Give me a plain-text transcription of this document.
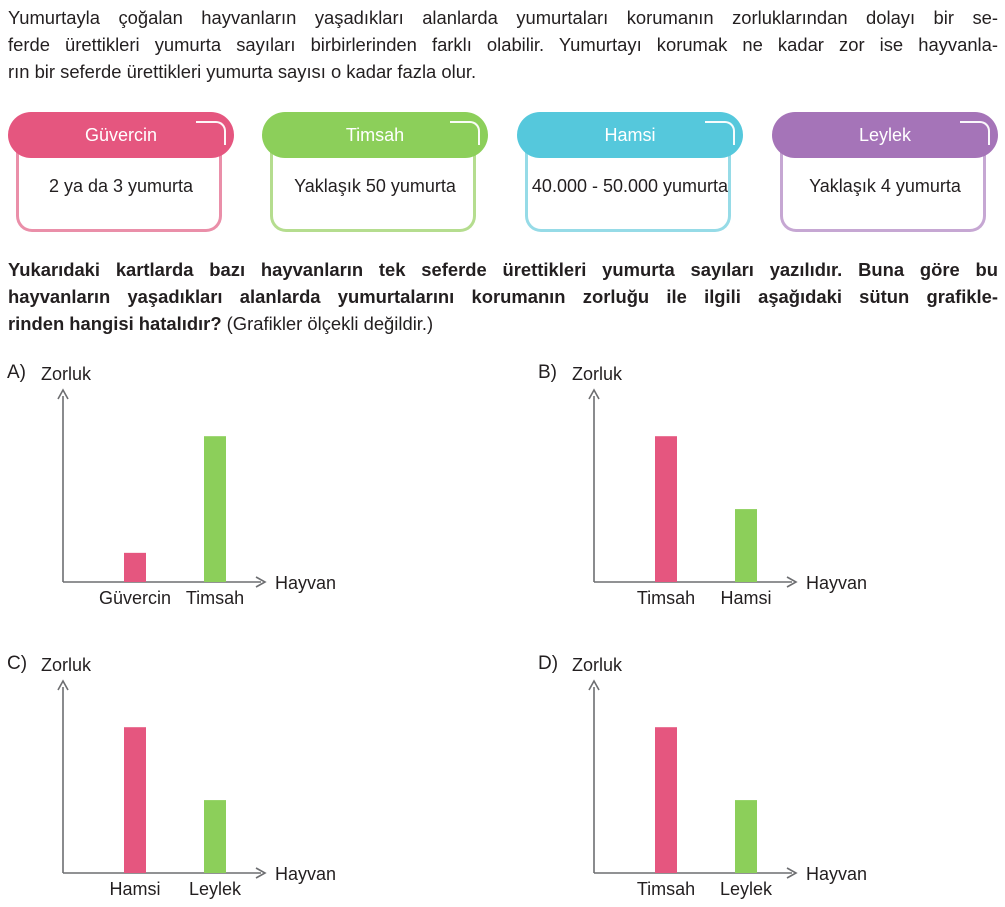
Yumurtayla çoğalan hayvanların yaşadıkları alanlarda yumurtaları korumanın zorluklarından dolayı bir se-
ferde ürettikleri yumurta sayıları birbirlerinden farklı olabilir. Yumurtayı korumak ne kadar zor ise hayvanla-
rın bir seferde ürettikleri yumurta sayısı o kadar fazla olur.
Güvercin
2 ya da 3 yumurta
Timsah
Yaklaşık 50 yumurta
Hamsi
40.000 - 50.000 yumurta
Leylek
Yaklaşık 4 yumurta
Yukarıdaki kartlarda bazı hayvanların tek seferde ürettikleri yumurta sayıları yazılıdır. Buna göre bu
hayvanların yaşadıkları alanlarda yumurtalarını korumanın zorluğu ile ilgili aşağıdaki sütun grafikle-
rinden hangisi hatalıdır? (Grafikler ölçekli değildir.)
A) Zorluk
Hayvan
Güvercin Timsah
B) Zorluk
Hayvan
Timsah Hamsi
C) Zorluk
Hayvan
Hamsi Leylek
D) Zorluk
Hayvan
Timsah Leylek
